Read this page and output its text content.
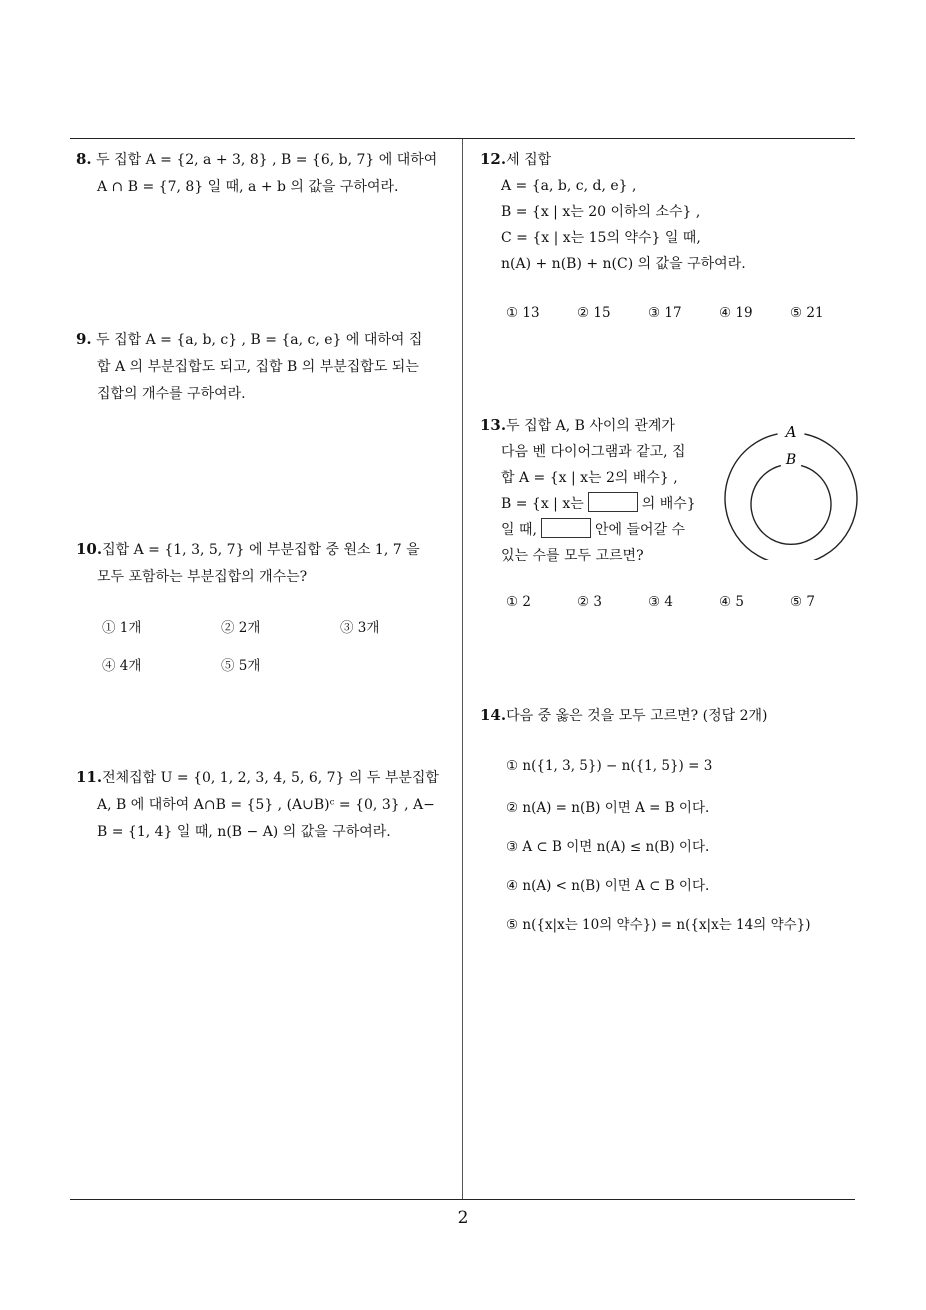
8. 두 집합 A = {2, a + 3, 8} , B = {6, b, 7} 에 대하여
A ∩ B = {7, 8} 일 때, a + b 의 값을 구하여라.
9. 두 집합 A = {a, b, c} , B = {a, c, e} 에 대하여 집
합 A 의 부분집합도 되고, 집합 B 의 부분집합도 되는
집합의 개수를 구하여라.
10.집합 A = {1, 3, 5, 7} 에 부분집합 중 원소 1, 7 을
모두 포함하는 부분집합의 개수는?
① 1개	② 2개	③ 3개
④ 4개	⑤ 5개
11.전체집합 U = {0, 1, 2, 3, 4, 5, 6, 7} 의 두 부분집합
A, B 에 대하여 A∩B = {5} , (A∪B)ᶜ = {0, 3} , A−
B = {1, 4} 일 때, n(B − A) 의 값을 구하여라.
12.세 집합
A = {a, b, c, d, e} ,
B = {x | x는 20 이하의 소수} ,
C = {x | x는 15의 약수} 일 때,
n(A) + n(B) + n(C) 의 값을 구하여라.
① 13	② 15	③ 17	④ 19	⑤ 21
13.두 집합 A, B 사이의 관계가
다음 벤 다이어그램과 같고, 집
합 A = {x | x는 2의 배수} ,
B = {x | x는	의 배수}
일 때,	안에 들어갈 수
있는 수를 모두 고르면?
A
B
① 2	② 3	③ 4	④ 5	⑤ 7
14.다음 중 옳은 것을 모두 고르면? (정답 2개)
① n({1, 3, 5}) − n({1, 5}) = 3
② n(A) = n(B) 이면 A = B 이다.
③ A ⊂ B 이면 n(A) ≤ n(B) 이다.
④ n(A) < n(B) 이면 A ⊂ B 이다.
⑤ n({x|x는 10의 약수}) = n({x|x는 14의 약수})
2
